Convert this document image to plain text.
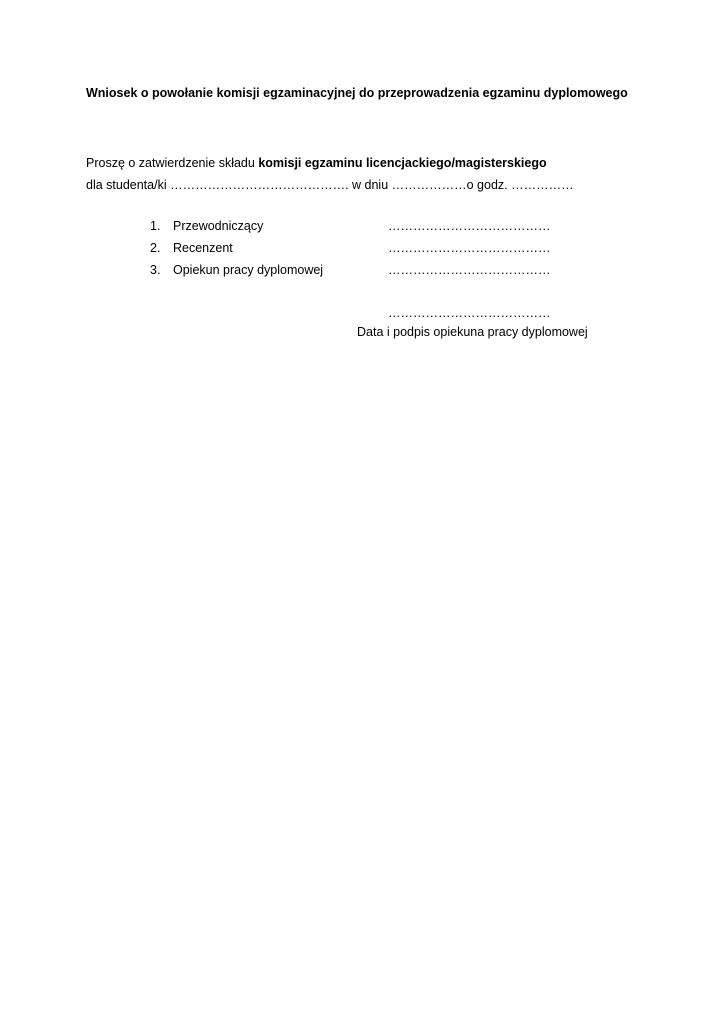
Wniosek o powołanie komisji egzaminacyjnej do przeprowadzenia egzaminu dyplomowego
Proszę o zatwierdzenie składu komisji egzaminu licencjackiego/magisterskiego
dla studenta/ki ……………………………………. w dniu ………………o godz. ……………
1. Przewodniczący	…………………………………
2. Recenzent	…………………………………
3. Opiekun pracy dyplomowej	…………………………………
…………………………………
Data i podpis opiekuna pracy dyplomowej
